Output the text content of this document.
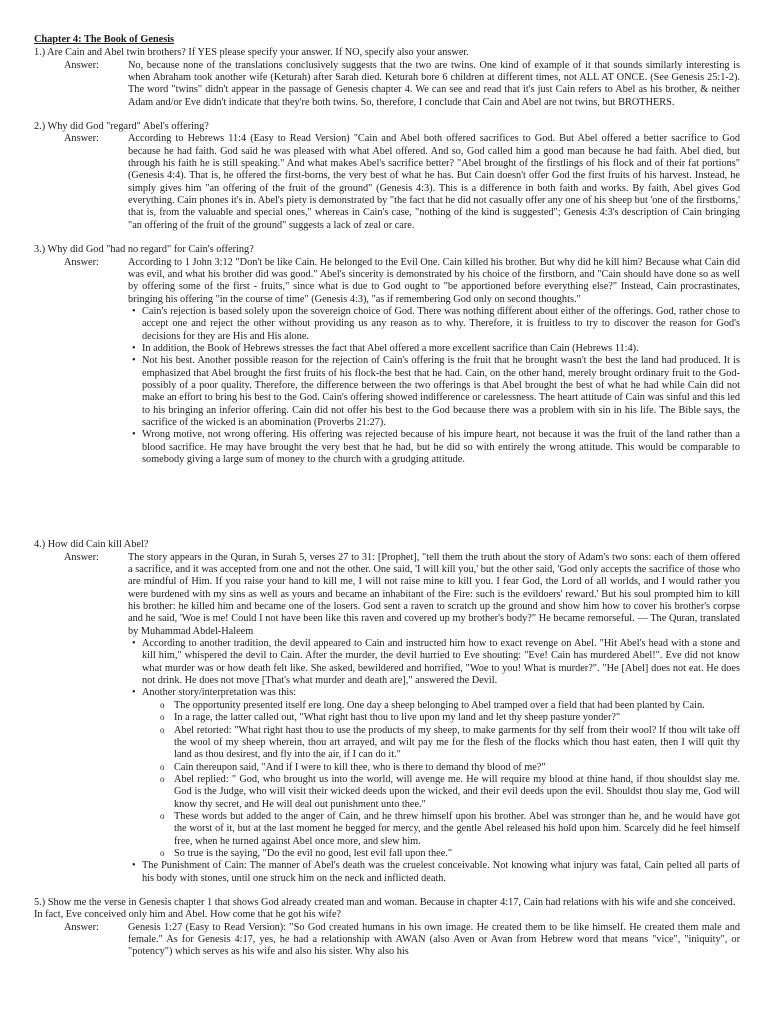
Chapter 4: The Book of Genesis

1.) Are Cain and Abel twin brothers? If YES please specify your answer. If NO, specify also your answer.

Answer:	No, because none of the translations conclusively suggests that the two are twins. One kind of example of it that sounds similarly interesting is when Abraham took another wife (Keturah) after Sarah died. Keturah bore 6 children at different times, not ALL AT ONCE. (See Genesis 25:1-2). The word "twins" didn't appear in the passage of Genesis chapter 4. We can see and read that it's just Cain refers to Abel as his brother, & neither Adam and/or Eve didn't indicate that they're both twins. So, therefore, I conclude that Cain and Abel are not twins, but BROTHERS.

2.) Why did God "regard" Abel's offering?

Answer:	According to Hebrews 11:4 (Easy to Read Version) "Cain and Abel both offered sacrifices to God. But Abel offered a better sacrifice to God because he had faith. God said he was pleased with what Abel offered. And so, God called him a good man because he had faith. Abel died, but through his faith he is still speaking." And what makes Abel's sacrifice better? "Abel brought of the firstlings of his flock and of their fat portions" (Genesis 4:4). That is, he offered the first-borns, the very best of what he has. But Cain doesn't offer God the first fruits of his harvest. Instead, he simply gives him "an offering of the fruit of the ground" (Genesis 4:3). This is a difference in both faith and works. By faith, Abel gives God everything. Cain phones it's in. Abel's piety is demonstrated by "the fact that he did not casually offer any one of his sheep but 'one of the firstborns,' that is, from the valuable and special ones," whereas in Cain's case, "nothing of the kind is suggested"; Genesis 4:3's description of Cain bringing "an offering of the fruit of the ground" suggests a lack of zeal or care.

3.) Why did God "had no regard" for Cain's offering?

Answer:	According to 1 John 3:12 "Don't be like Cain. He belonged to the Evil One. Cain killed his brother. But why did he kill him? Because what Cain did was evil, and what his brother did was good." Abel's sincerity is demonstrated by his choice of the firstborn, and "Cain should have done so as well by offering some of the first - fruits," since what is due to God ought to "be apportioned before everything else?" Instead, Cain procrastinates, bringing his offering "in the course of time" (Genesis 4:3), "as if remembering God only on second thoughts."
• Cain's rejection is based solely upon the sovereign choice of God. There was nothing different about either of the offerings. God, rather chose to accept one and reject the other without providing us any reason as to why. Therefore, it is fruitless to try to discover the reason for God's decisions for they are His and His alone.
• In addition, the Book of Hebrews stresses the fact that Abel offered a more excellent sacrifice than Cain (Hebrews 11:4).
• Not his best. Another possible reason for the rejection of Cain's offering is the fruit that he brought wasn't the best the land had produced. It is emphasized that Abel brought the first fruits of his flock-the best that he had. Cain, on the other hand, merely brought ordinary fruit to the God-possibly of a poor quality. Therefore, the difference between the two offerings is that Abel brought the best of what he had while Cain did not make an effort to bring his best to the God. Cain's offering showed indifference or carelessness. The heart attitude of Cain was sinful and this led to his bringing an inferior offering. Cain did not offer his best to the God because there was a problem with sin in his life. The Bible says, the sacrifice of the wicked is an abomination (Proverbs 21:27).
• Wrong motive, not wrong offering. His offering was rejected because of his impure heart, not because it was the fruit of the land rather than a blood sacrifice. He may have brought the very best that he had, but he did so with entirely the wrong attitude. This would be comparable to somebody giving a large sum of money to the church with a grudging attitude.

4.) How did Cain kill Abel?

Answer:	The story appears in the Quran, in Surah 5, verses 27 to 31: [Prophet], "tell them the truth about the story of Adam's two sons: each of them offered a sacrifice, and it was accepted from one and not the other. One said, 'I will kill you,' but the other said, 'God only accepts the sacrifice of those who are mindful of Him. If you raise your hand to kill me, I will not raise mine to kill you. I fear God, the Lord of all worlds, and I would rather you were burdened with my sins as well as yours and became an inhabitant of the Fire: such is the evildoers' reward.' But his soul prompted him to kill his brother: he killed him and became one of the losers. God sent a raven to scratch up the ground and show him how to cover his brother's corpse and he said, 'Woe is me! Could I not have been like this raven and covered up my brother's body?" He became remorseful. — The Quran, translated by Muhammad Abdel-Haleem
• According to another tradition, the devil appeared to Cain and instructed him how to exact revenge on Abel. "Hit Abel's head with a stone and kill him," whispered the devil to Cain. After the murder, the devil hurried to Eve shouting: "Eve! Cain has murdered Abel!". Eve did not know what murder was or how death felt like. She asked, bewildered and horrified, "Woe to you! What is murder?". "He [Abel] does not eat. He does not drink. He does not move [That's what murder and death are]," answered the Devil.
• Another story/interpretation was this:
o The opportunity presented itself ere long. One day a sheep belonging to Abel tramped over a field that had been planted by Cain.
o In a rage, the latter called out, "What right hast thou to live upon my land and let thy sheep pasture yonder?"
o Abel retorted: "What right hast thou to use the products of my sheep, to make garments for thy self from their wool? If thou wilt take off the wool of my sheep wherein, thou art arrayed, and wilt pay me for the flesh of the flocks which thou hast eaten, then I will quit thy land as thou desirest, and fly into the air, if I can do it."
o Cain thereupon said, "And if I were to kill thee, who is there to demand thy blood of me?"
o Abel replied: " God, who brought us into the world, will avenge me. He will require my blood at thine hand, if thou shouldst slay me. God is the Judge, who will visit their wicked deeds upon the wicked, and their evil deeds upon the evil. Shouldst thou slay me, God will know thy secret, and He will deal out punishment unto thee."
o These words but added to the anger of Cain, and he threw himself upon his brother. Abel was stronger than he, and he would have got the worst of it, but at the last moment he begged for mercy, and the gentle Abel released his hold upon him. Scarcely did he feel himself free, when he turned against Abel once more, and slew him.
o So true is the saying, "Do the evil no good, lest evil fall upon thee."
• The Punishment of Cain: The manner of Abel's death was the cruelest conceivable. Not knowing what injury was fatal, Cain pelted all parts of his body with stones, until one struck him on the neck and inflicted death.

5.) Show me the verse in Genesis chapter 1 that shows God already created man and woman. Because in chapter 4:17, Cain had relations with his wife and she conceived. In fact, Eve conceived only him and Abel. How come that he got his wife?

Answer:	Genesis 1:27 (Easy to Read Version): "So God created humans in his own image. He created them to be like himself. He created them male and female." As for Genesis 4:17, yes, he had a relationship with AWAN (also Aven or Avan from Hebrew word that means "vice", "iniquity", or "potency") which serves as his wife and also his sister. Why also his
